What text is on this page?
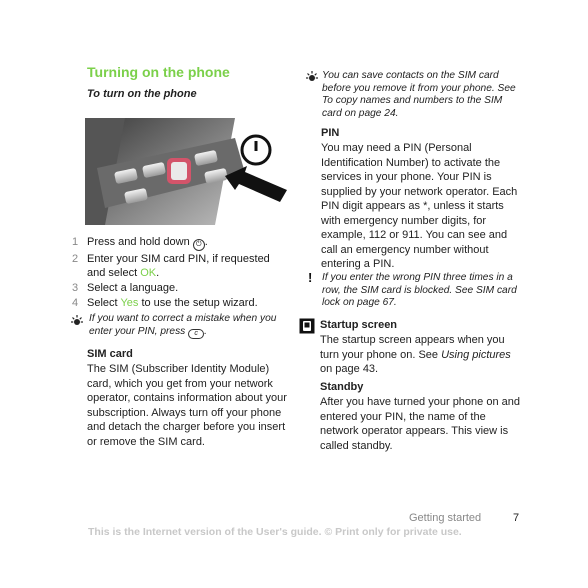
Turning on the phone
To turn on the phone
1 Press and hold down ⏻ .
2 Enter your SIM card PIN, if requested and select OK.
3 Select a language.
4 Select Yes to use the setup wizard.
If you want to correct a mistake when you enter your PIN, press c .
SIM card
The SIM (Subscriber Identity Module) card, which you get from your network operator, contains information about your subscription. Always turn off your phone and detach the charger before you insert or remove the SIM card.
You can save contacts on the SIM card before you remove it from your phone. See To copy names and numbers to the SIM card on page 24.
PIN
You may need a PIN (Personal Identification Number) to activate the services in your phone. Your PIN is supplied by your network operator. Each PIN digit appears as *, unless it starts with emergency number digits, for example, 112 or 911. You can see and call an emergency number without entering a PIN.
! If you enter the wrong PIN three times in a row, the SIM card is blocked. See SIM card lock on page 67.
Startup screen
The startup screen appears when you turn your phone on. See Using pictures on page 43.
Standby
After you have turned your phone on and entered your PIN, the name of the network operator appears. This view is called standby.
Getting started	7
This is the Internet version of the User's guide. © Print only for private use.
